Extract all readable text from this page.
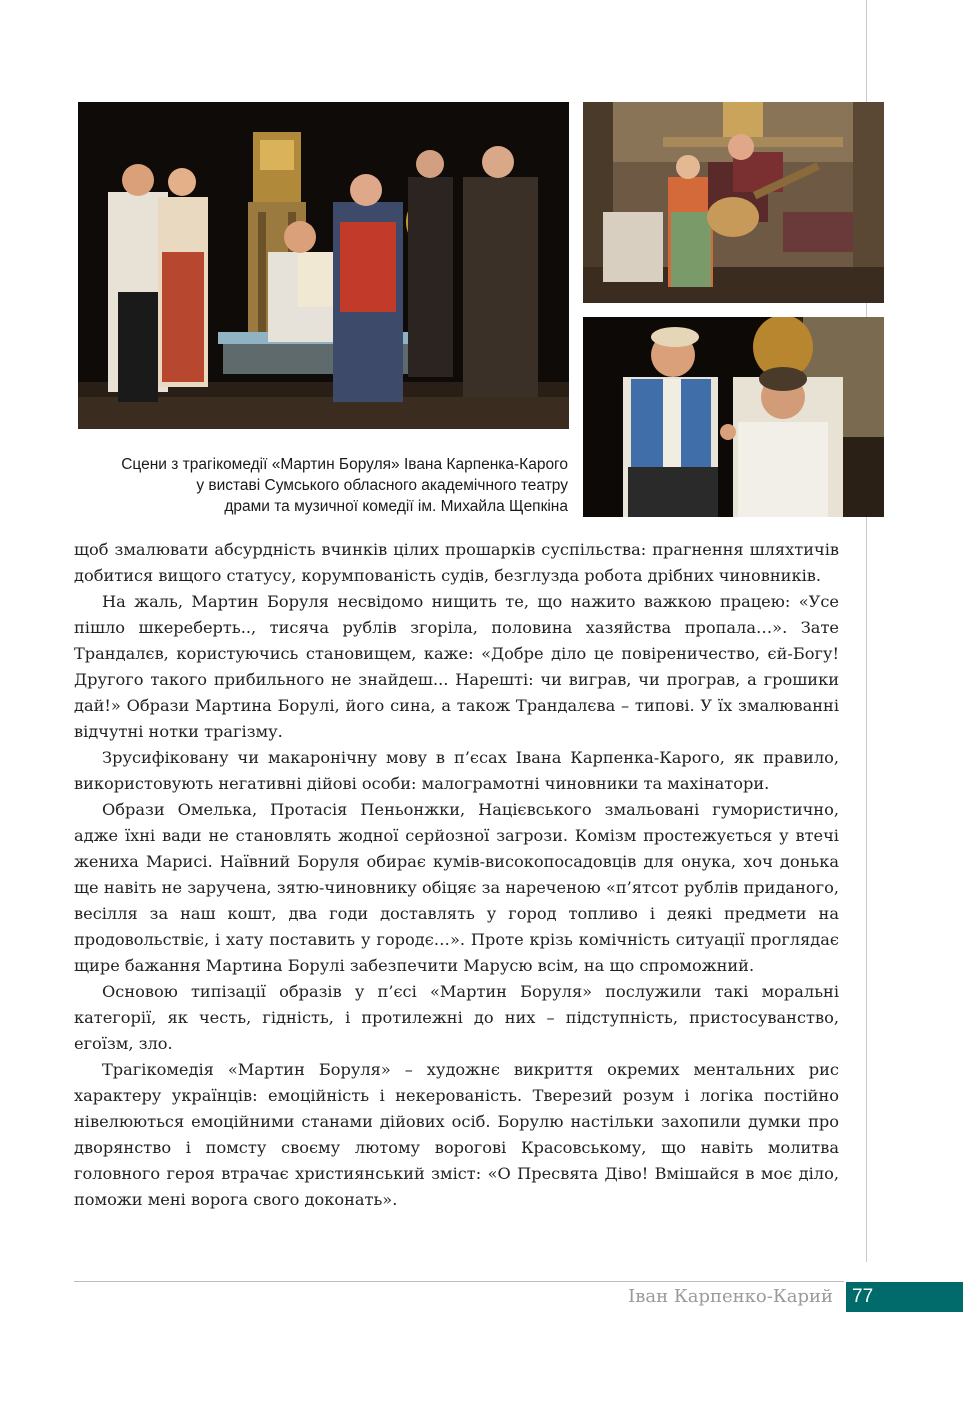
Сцени з трагікомедії «Мартин Боруля» Івана Карпенка-Карого
у виставі Сумського обласного академічного театру
драми та музичної комедії ім. Михайла Щепкіна

щоб змалювати абсурдність вчинків цілих прошарків суспільства: прагнення шляхтичів добитися вищого статусу, корумпованість судів, безглузда робота дрібних чиновників.

На жаль, Мартин Боруля несвідомо нищить те, що нажито важкою працею: «Усе пішло шкереберть.., тисяча рублів згоріла, половина хазяйства пропала…». Зате Трандалєв, користуючись становищем, каже: «Добре діло це повіреничество, єй-Богу! Другого такого прибильного не знайдеш... Нарешті: чи виграв, чи програв, а грошики дай!» Образи Мартина Борулі, його сина, а також Трандалєва – типові. У їх змалюванні відчутні нотки трагізму.

Зрусифіковану чи макаронічну мову в п’єсах Івана Карпенка-Карого, як правило, використовують негативні дійові особи: малограмотні чиновники та махінатори.

Образи Омелька, Протасія Пеньонжки, Націєвського змальовані гумористично, адже їхні вади не становлять жодної серйозної загрози. Комізм простежується у втечі жениха Марисі. Наївний Боруля обирає кумів-високопосадовців для онука, хоч донька ще навіть не заручена, зятю-чиновнику обіцяє за нареченою «п’ятсот рублів приданого, весілля за наш кошт, два годи доставлять у город топливо і деякі предмети на продовольствіє, і хату поставить у городє…». Проте крізь комічність ситуації проглядає щире бажання Мартина Борулі забезпечити Марусю всім, на що спроможний.

Основою типізації образів у п’єсі «Мартин Боруля» послужили такі моральні категорії, як честь, гідність, і протилежні до них – підступність, пристосуванство, егоїзм, зло.

Трагікомедія «Мартин Боруля» – художнє викриття окремих ментальних рис характеру українців: емоційність і некерованість. Тверезий розум і логіка постійно нівелюються емоційними станами дійових осіб. Борулю настільки захопили думки про дворянство і помсту своєму лютому ворогові Красовському, що навіть молитва головного героя втрачає християнський зміст: «О Пресвята Діво! Вмішайся в моє діло, поможи мені ворога свого доконать».

Іван Карпенко-Карий 77
